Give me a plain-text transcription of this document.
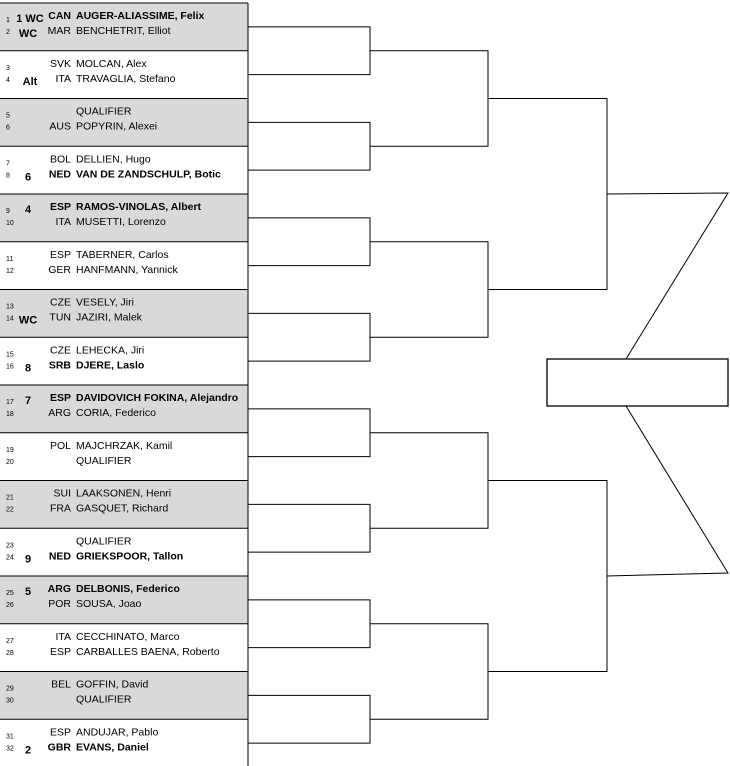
1 1 WC CAN AUGER-ALIASSIME, Felix
2 WC MAR BENCHETRIT, Elliot
3	SVK MOLCAN, Alex
4 Alt ITA TRAVAGLIA, Stefano
5	QUALIFIER
6	AUS POPYRIN, Alexei
7	BOL DELLIEN, Hugo
8 6 NED VAN DE ZANDSCHULP, Botic
9 4 ESP RAMOS-VINOLAS, Albert
10	ITA MUSETTI, Lorenzo
11	ESP TABERNER, Carlos
12	GER HANFMANN, Yannick
13	CZE VESELY, Jiri
14 WC TUN JAZIRI, Malek
15	CZE LEHECKA, Jiri
16 8 SRB DJERE, Laslo
17 7 ESP DAVIDOVICH FOKINA, Alejandro
18	ARG CORIA, Federico
19	POL MAJCHRZAK, Kamil
20	QUALIFIER
21	SUI LAAKSONEN, Henri
22	FRA GASQUET, Richard
23	QUALIFIER
24 9 NED GRIEKSPOOR, Tallon
25 5 ARG DELBONIS, Federico
26	POR SOUSA, Joao
27	ITA CECCHINATO, Marco
28	ESP CARBALLES BAENA, Roberto
29	BEL GOFFIN, David
30	QUALIFIER
31	ESP ANDUJAR, Pablo
32 2 GBR EVANS, Daniel
